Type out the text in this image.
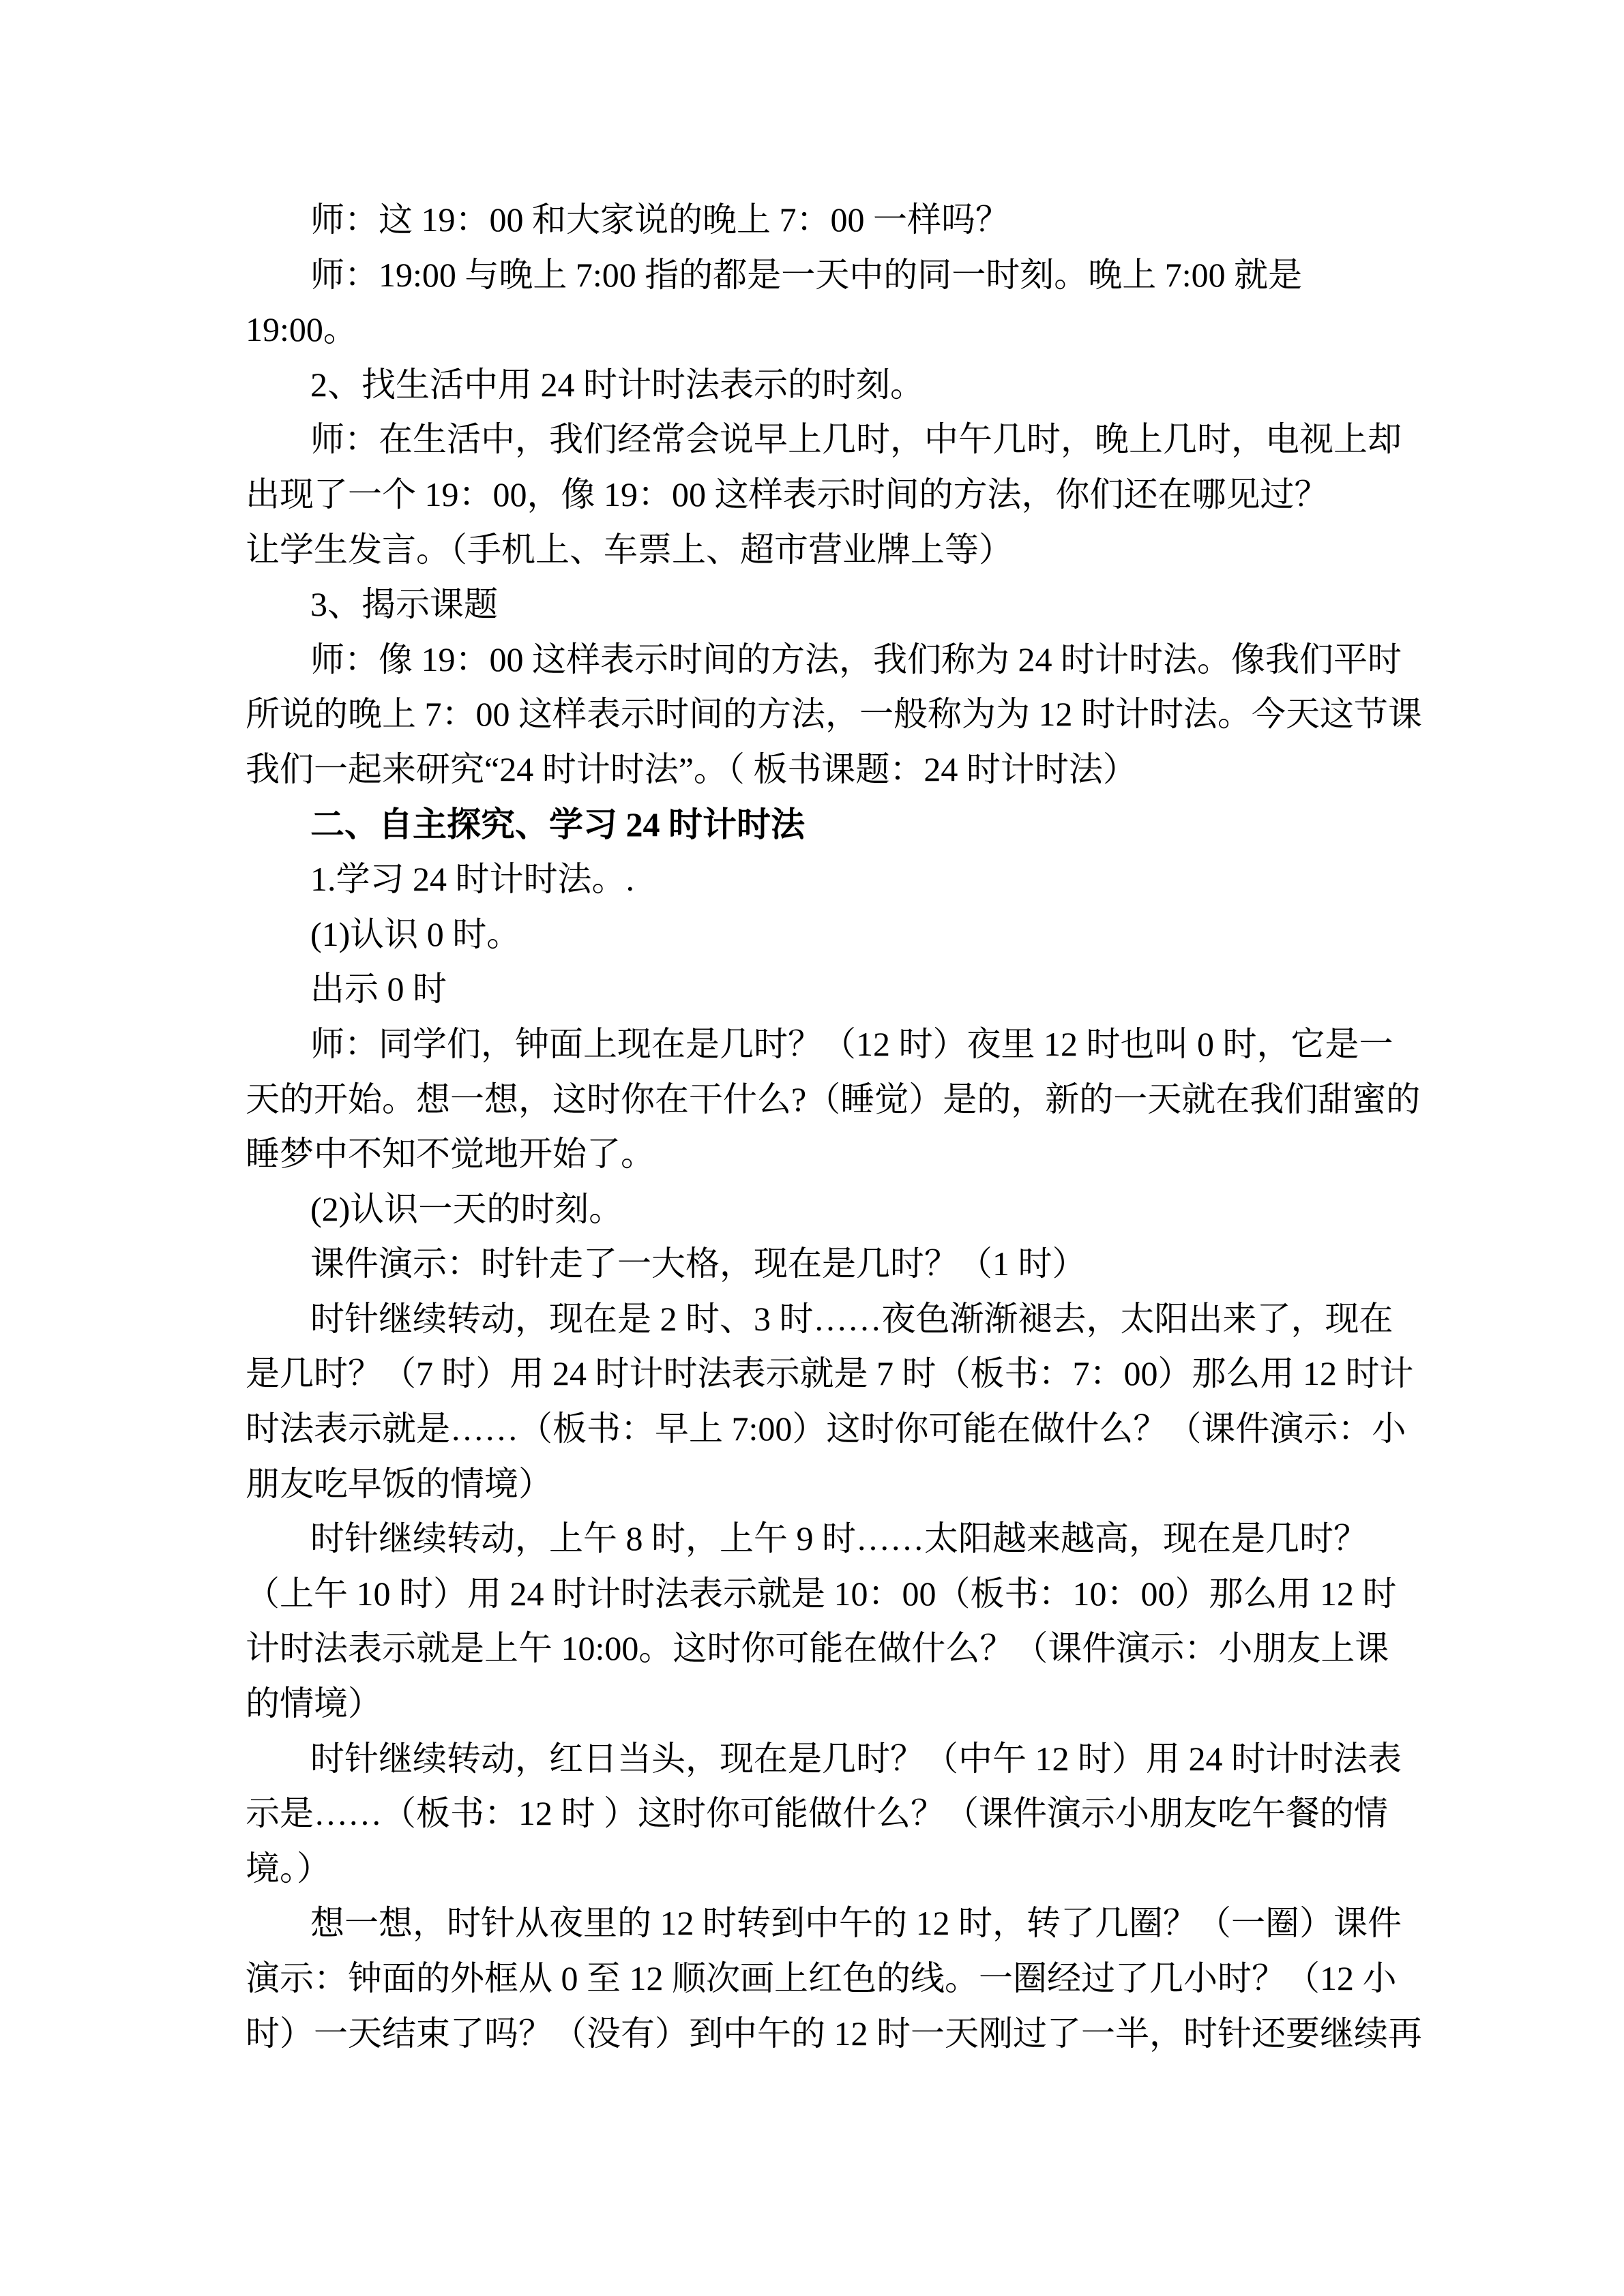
师：这 19：00 和大家说的晚上 7：00 一样吗？
师：19:00 与晚上 7:00 指的都是一天中的同一时刻。晚上 7:00 就是
19:00。
2、找生活中用 24 时计时法表示的时刻。
师：在生活中，我们经常会说早上几时，中午几时，晚上几时，电视上却
出现了一个 19：00，像 19：00 这样表示时间的方法，你们还在哪见过？
让学生发言。（手机上、车票上、超市营业牌上等）
3、揭示课题
师：像 19：00 这样表示时间的方法，我们称为 24 时计时法。像我们平时
所说的晚上 7：00 这样表示时间的方法，一般称为为 12 时计时法。今天这节课
我们一起来研究“24 时计时法”。（ 板书课题：24 时计时法）
二、自主探究、学习 24 时计时法
1.学习 24 时计时法。.
(1)认识 0 时。
出示 0 时
师：同学们，钟面上现在是几时？（12 时）夜里 12 时也叫 0 时，它是一
天的开始。想一想，这时你在干什么?（睡觉）是的，新的一天就在我们甜蜜的
睡梦中不知不觉地开始了。
(2)认识一天的时刻。
课件演示：时针走了一大格，现在是几时？（1 时）
时针继续转动，现在是 2 时、3 时……夜色渐渐褪去，太阳出来了，现在
是几时？（7 时）用 24 时计时法表示就是 7 时（板书：7：00）那么用 12 时计
时法表示就是……（板书：早上 7:00）这时你可能在做什么？（课件演示：小
朋友吃早饭的情境）
时针继续转动，上午 8 时，上午 9 时……太阳越来越高，现在是几时？
（上午 10 时）用 24 时计时法表示就是 10：00（板书：10：00）那么用 12 时
计时法表示就是上午 10:00。这时你可能在做什么？（课件演示：小朋友上课
的情境）
时针继续转动，红日当头，现在是几时？（中午 12 时）用 24 时计时法表
示是……（板书：12 时 ）这时你可能做什么？（课件演示小朋友吃午餐的情
境。）
想一想，时针从夜里的 12 时转到中午的 12 时，转了几圈？（一圈）课件
演示：钟面的外框从 0 至 12 顺次画上红色的线。一圈经过了几小时？（12 小
时）一天结束了吗？（没有）到中午的 12 时一天刚过了一半，时针还要继续再
